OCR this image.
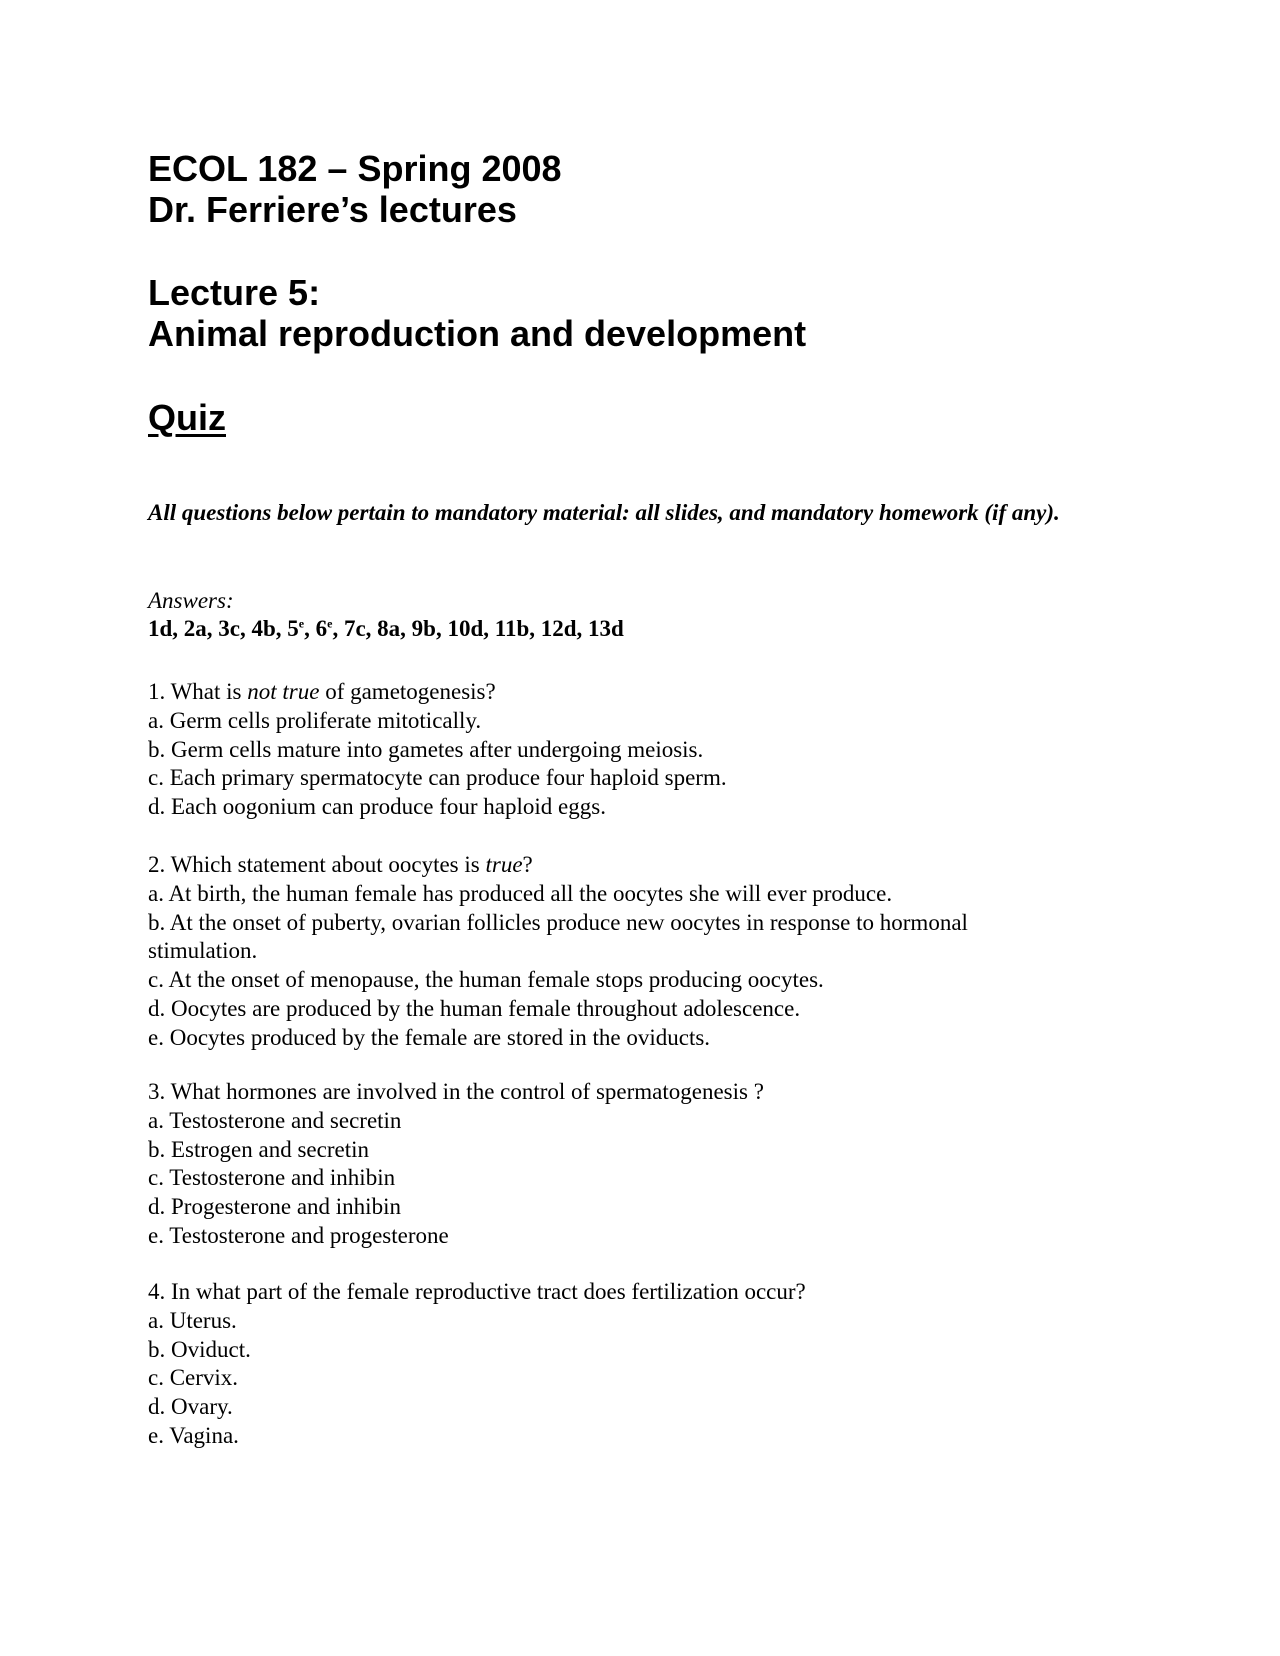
ECOL 182 – Spring 2008
Dr. Ferriere’s lectures
Lecture 5:
Animal reproduction and development
Quiz
All questions below pertain to mandatory material: all slides, and mandatory homework (if any).
Answers:
1d, 2a, 3c, 4b, 5e, 6e, 7c, 8a, 9b, 10d, 11b, 12d, 13d
1. What is not true of gametogenesis?
a. Germ cells proliferate mitotically.
b. Germ cells mature into gametes after undergoing meiosis.
c. Each primary spermatocyte can produce four haploid sperm.
d. Each oogonium can produce four haploid eggs.
2. Which statement about oocytes is true?
a. At birth, the human female has produced all the oocytes she will ever produce.
b. At the onset of puberty, ovarian follicles produce new oocytes in response to hormonal stimulation.
c. At the onset of menopause, the human female stops producing oocytes.
d. Oocytes are produced by the human female throughout adolescence.
e. Oocytes produced by the female are stored in the oviducts.
3. What hormones are involved in the control of spermatogenesis ?
a. Testosterone and secretin
b. Estrogen and secretin
c. Testosterone and inhibin
d. Progesterone and inhibin
e. Testosterone and progesterone
4. In what part of the female reproductive tract does fertilization occur?
a. Uterus.
b. Oviduct.
c. Cervix.
d. Ovary.
e. Vagina.
